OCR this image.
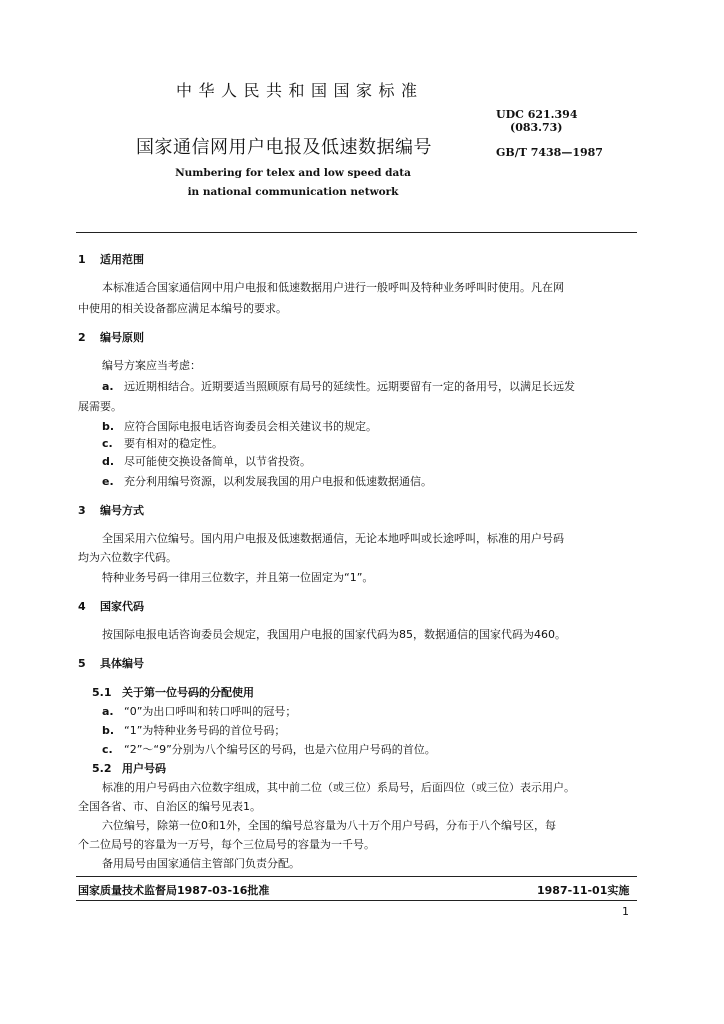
中华人民共和国国家标准
UDC 621.394
(083.73)
国家通信网用户电报及低速数据编号	GB/T 7438—1987
Numbering for telex and low speed data
in national communication network
1 适用范围
本标准适合国家通信网中用户电报和低速数据用户进行一般呼叫及特种业务呼叫时使用。凡在网
中使用的相关设备都应满足本编号的要求。
2 编号原则
编号方案应当考虑：
a. 远近期相结合。近期要适当照顾原有局号的延续性。远期要留有一定的备用号，以满足长远发
展需要。
b. 应符合国际电报电话咨询委员会相关建议书的规定。
c. 要有相对的稳定性。
d. 尽可能使交换设备简单，以节省投资。
e. 充分利用编号资源，以利发展我国的用户电报和低速数据通信。
3 编号方式
全国采用六位编号。国内用户电报及低速数据通信，无论本地呼叫或长途呼叫，标准的用户号码
均为六位数字代码。
特种业务号码一律用三位数字，并且第一位固定为“1”。
4 国家代码
按国际电报电话咨询委员会规定，我国用户电报的国家代码为85，数据通信的国家代码为460。
5 具体编号
5.1 关于第一位号码的分配使用
a. “0”为出口呼叫和转口呼叫的冠号；
b. “1”为特种业务号码的首位号码；
c. “2”～“9”分别为八个编号区的号码，也是六位用户号码的首位。
5.2 用户号码
标准的用户号码由六位数字组成，其中前二位（或三位）系局号，后面四位（或三位）表示用户。
全国各省、市、自治区的编号见表1。
六位编号，除第一位0和1外，全国的编号总容量为八十万个用户号码，分布于八个编号区，每
个二位局号的容量为一万号，每个三位局号的容量为一千号。
备用局号由国家通信主管部门负责分配。
国家质量技术监督局1987-03-16批准	1987-11-01实施
1
